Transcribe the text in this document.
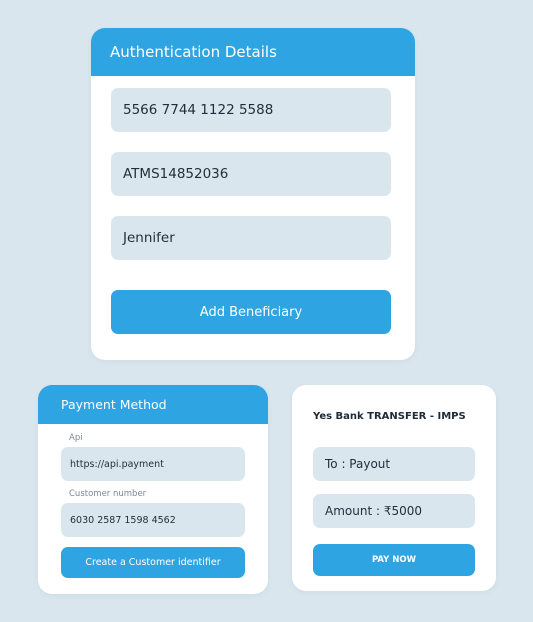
Authentication Details
5566 7744 1122 5588
ATMS14852036
Jennifer
Add Beneficiary
Payment Method
Api
https://api.payment
Customer number
6030 2587 1598 4562
Create a Customer identifier
Yes Bank TRANSFER - IMPS
To : Payout
Amount : ₹5000
PAY NOW
